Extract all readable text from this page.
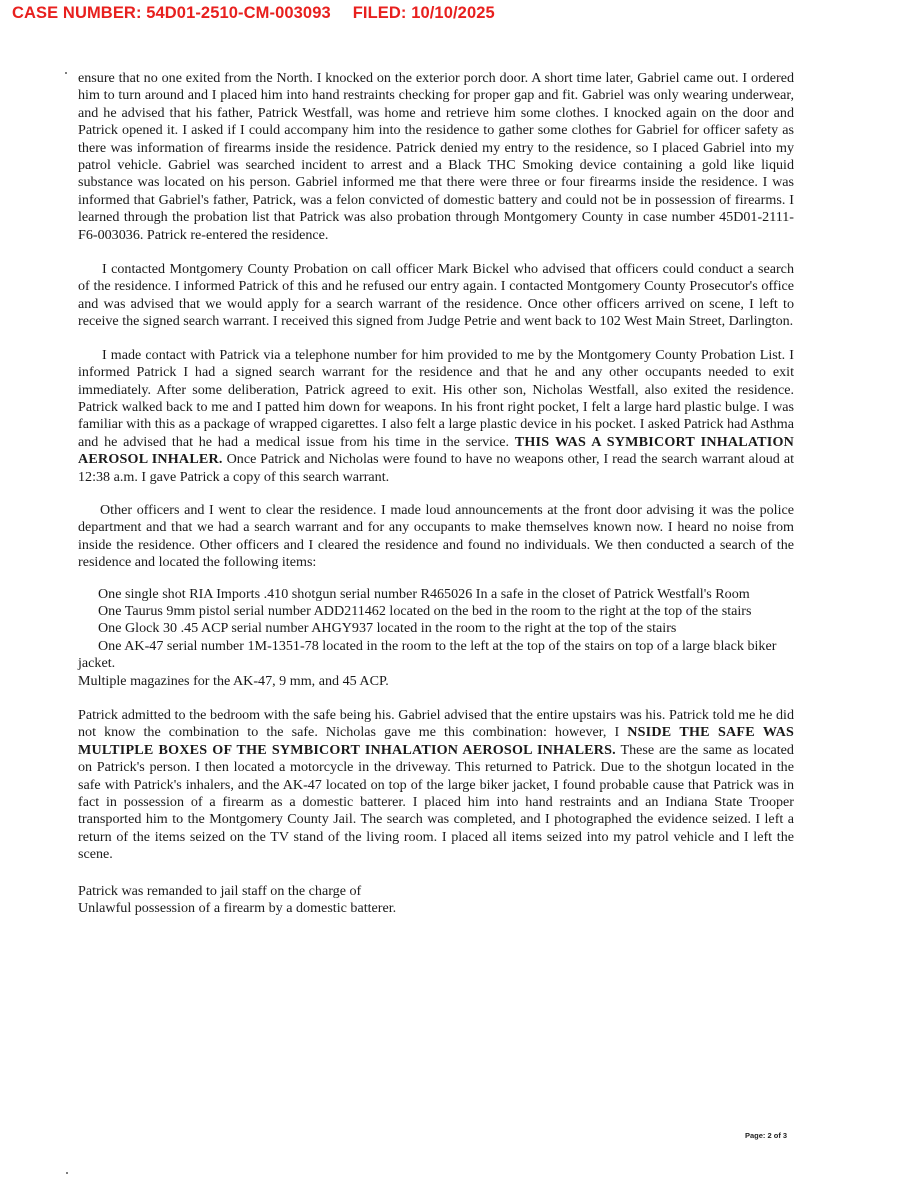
CASE NUMBER: 54D01-2510-CM-003093 FILED: 10/10/2025

ensure that no one exited from the North. I knocked on the exterior porch door. A short time later, Gabriel came out. I ordered him to turn around and I placed him into hand restraints checking for proper gap and fit. Gabriel was only wearing underwear, and he advised that his father, Patrick Westfall, was home and retrieve him some clothes. I knocked again on the door and Patrick opened it. I asked if I could accompany him into the residence to gather some clothes for Gabriel for officer safety as there was information of firearms inside the residence. Patrick denied my entry to the residence, so I placed Gabriel into my patrol vehicle. Gabriel was searched incident to arrest and a Black THC Smoking device containing a gold like liquid substance was located on his person. Gabriel informed me that there were three or four firearms inside the residence. I was informed that Gabriel's father, Patrick, was a felon convicted of domestic battery and could not be in possession of firearms. I learned through the probation list that Patrick was also probation through Montgomery County in case number 45D01-2111-F6-003036. Patrick re-entered the residence.

I contacted Montgomery County Probation on call officer Mark Bickel who advised that officers could conduct a search of the residence. I informed Patrick of this and he refused our entry again. I contacted Montgomery County Prosecutor's office and was advised that we would apply for a search warrant of the residence. Once other officers arrived on scene, I left to receive the signed search warrant. I received this signed from Judge Petrie and went back to 102 West Main Street, Darlington.

I made contact with Patrick via a telephone number for him provided to me by the Montgomery County Probation List. I informed Patrick I had a signed search warrant for the residence and that he and any other occupants needed to exit immediately. After some deliberation, Patrick agreed to exit. His other son, Nicholas Westfall, also exited the residence. Patrick walked back to me and I patted him down for weapons. In his front right pocket, I felt a large hard plastic bulge. I was familiar with this as a package of wrapped cigarettes. I also felt a large plastic device in his pocket. I asked Patrick had Asthma and he advised that he had a medical issue from his time in the service. THIS WAS A SYMBICORT INHALATION AEROSOL INHALER. Once Patrick and Nicholas were found to have no weapons other, I read the search warrant aloud at 12:38 a.m. I gave Patrick a copy of this search warrant.

Other officers and I went to clear the residence. I made loud announcements at the front door advising it was the police department and that we had a search warrant and for any occupants to make themselves known now. I heard no noise from inside the residence. Other officers and I cleared the residence and found no individuals. We then conducted a search of the residence and located the following items:

One single shot RIA Imports .410 shotgun serial number R465026 In a safe in the closet of Patrick Westfall's Room
One Taurus 9mm pistol serial number ADD211462 located on the bed in the room to the right at the top of the stairs
One Glock 30 .45 ACP serial number AHGY937 located in the room to the right at the top of the stairs
One AK-47 serial number 1M-1351-78 located in the room to the left at the top of the stairs on top of a large black biker jacket.
Multiple magazines for the AK-47, 9 mm, and 45 ACP.

Patrick admitted to the bedroom with the safe being his. Gabriel advised that the entire upstairs was his. Patrick told me he did not know the combination to the safe. Nicholas gave me this combination: however, I NSIDE THE SAFE WAS MULTIPLE BOXES OF THE SYMBICORT INHALATION AEROSOL INHALERS. These are the same as located on Patrick's person. I then located a motorcycle in the driveway. This returned to Patrick. Due to the shotgun located in the safe with Patrick's inhalers, and the AK-47 located on top of the large biker jacket, I found probable cause that Patrick was in fact in possession of a firearm as a domestic batterer. I placed him into hand restraints and an Indiana State Trooper transported him to the Montgomery County Jail. The search was completed, and I photographed the evidence seized. I left a return of the items seized on the TV stand of the living room. I placed all items seized into my patrol vehicle and I left the scene.

Patrick was remanded to jail staff on the charge of
Unlawful possession of a firearm by a domestic batterer.

Page: 2 of 3
